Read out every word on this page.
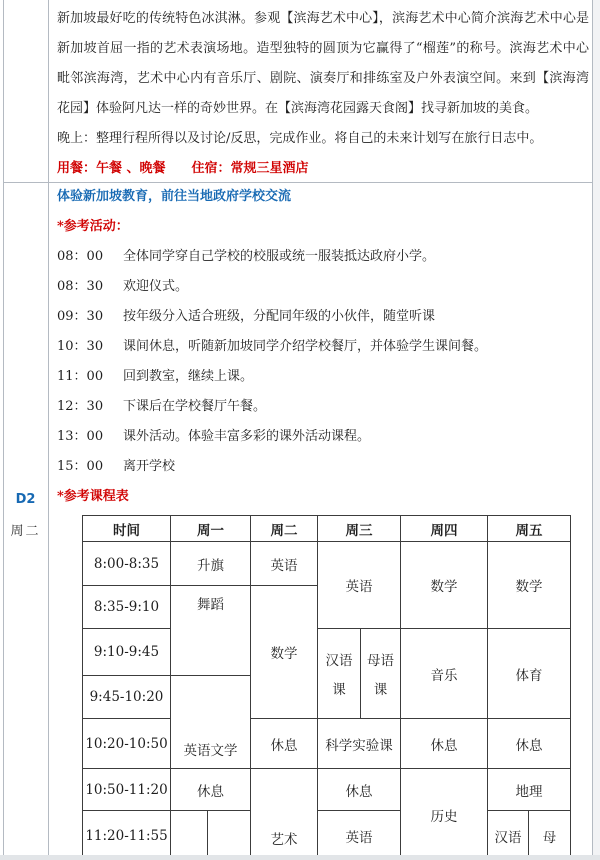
D2
周二

新加坡最好吃的传统特色冰淇淋。参观【滨海艺术中心】，滨海艺术中心简介滨海艺术中心是新加坡首屈一指的艺术表演场地。造型独特的圆顶为它赢得了“榴莲”的称号。滨海艺术中心毗邻滨海湾，艺术中心内有音乐厅、剧院、演奏厅和排练室及户外表演空间。来到【滨海湾花园】体验阿凡达一样的奇妙世界。在【滨海湾花园露天食阁】找寻新加坡的美食。

晚上：整理行程所得以及讨论/反思，完成作业。将自己的未来计划写在旅行日志中。

用餐：午餐 、晚餐 住宿：常规三星酒店

体验新加坡教育，前往当地政府学校交流

*参考活动：

08：00 全体同学穿自己学校的校服或统一服装抵达政府小学。

08：30 欢迎仪式。

09：30 按年级分入适合班级，分配同年级的小伙伴，随堂听课

10：30 课间休息，听随新加坡同学介绍学校餐厅，并体验学生课间餐。

11：00 回到教室，继续上课。

12：30 下课后在学校餐厅午餐。

13：00 课外活动。体验丰富多彩的课外活动课程。

15：00 离开学校

*参考课程表

时间	周一		周二	周三		周四	周五	
8:00-8:35	升旗		英语	英语		数学	数学	
8:35-9:10	舞蹈		数学					
9:10-9:45				汉语课	母语课	音乐	体育	
9:45-10:20	英语文学							
10:20-10:50			休息	科学实验课		休息	休息	
10:50-11:20	休息		艺术	休息		历史	地理	
11:20-11:55				英语			汉语	母
